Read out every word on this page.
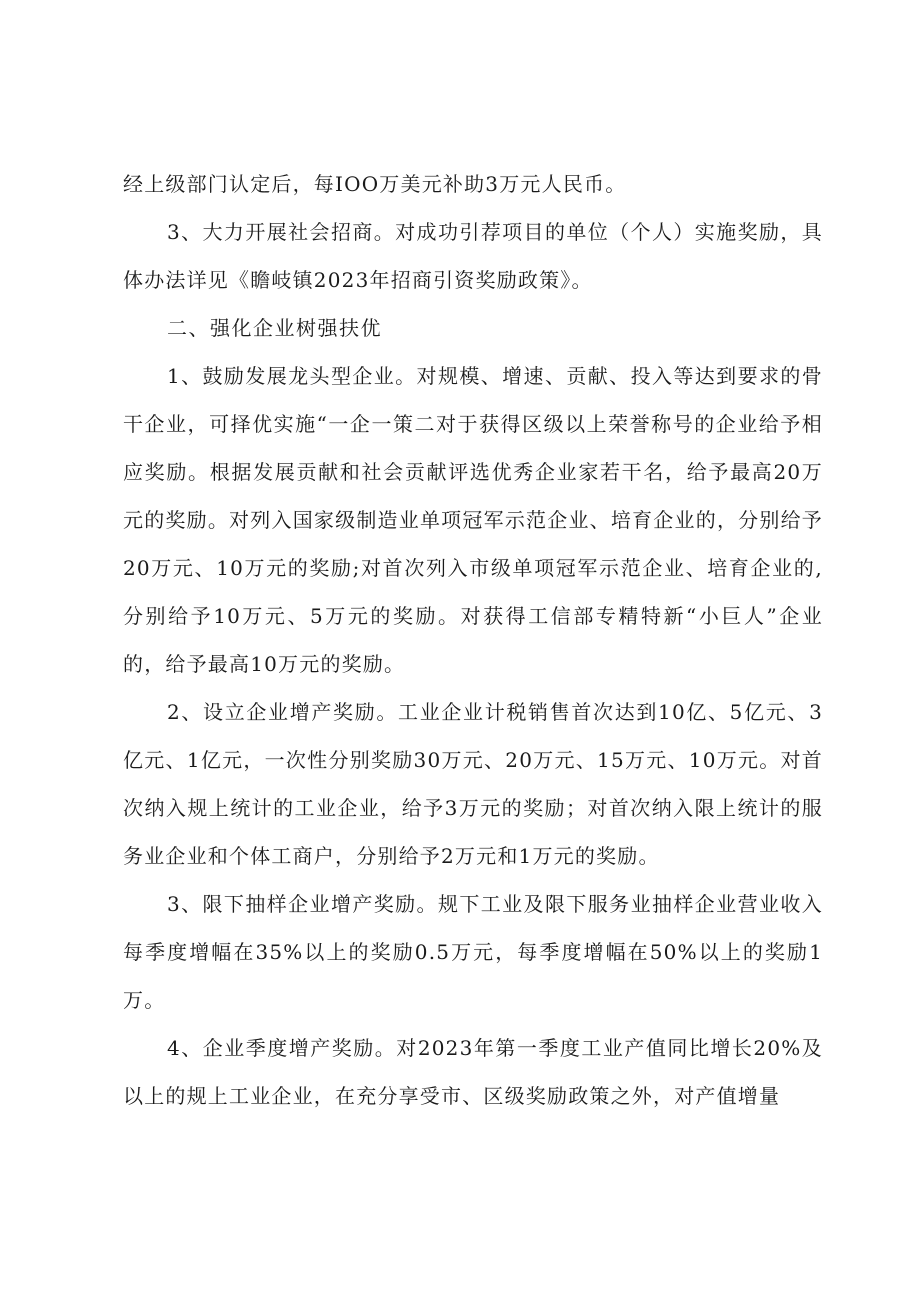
经上级部门认定后，每IOO万美元补助3万元人民币。

3、大力开展社会招商。对成功引荐项目的单位（个人）实施奖励，具体办法详见《瞻岐镇2023年招商引资奖励政策》。

二、强化企业树强扶优

1、鼓励发展龙头型企业。对规模、增速、贡献、投入等达到要求的骨干企业，可择优实施“一企一策二对于获得区级以上荣誉称号的企业给予相应奖励。根据发展贡献和社会贡献评选优秀企业家若干名，给予最高20万元的奖励。对列入国家级制造业单项冠军示范企业、培育企业的，分别给予20万元、10万元的奖励;对首次列入市级单项冠军示范企业、培育企业的,分别给予10万元、5万元的奖励。对获得工信部专精特新“小巨人”企业的，给予最高10万元的奖励。

2、设立企业增产奖励。工业企业计税销售首次达到10亿、5亿元、3亿元、1亿元，一次性分别奖励30万元、20万元、15万元、10万元。对首次纳入规上统计的工业企业，给予3万元的奖励；对首次纳入限上统计的服务业企业和个体工商户，分别给予2万元和1万元的奖励。

3、限下抽样企业增产奖励。规下工业及限下服务业抽样企业营业收入每季度增幅在35%以上的奖励0.5万元，每季度增幅在50%以上的奖励1万。

4、企业季度增产奖励。对2023年第一季度工业产值同比增长20%及以上的规上工业企业，在充分享受市、区级奖励政策之外，对产值增量
